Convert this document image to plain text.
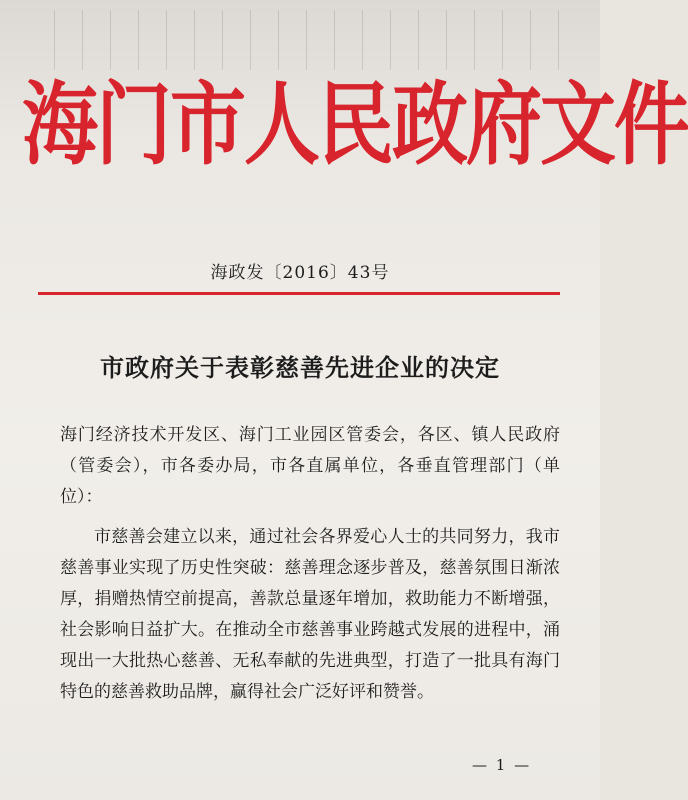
海门市人民政府文件
海政发〔2016〕43号
市政府关于表彰慈善先进企业的决定
海门经济技术开发区、海门工业园区管委会，各区、镇人民政府（管委会），市各委办局，市各直属单位，各垂直管理部门（单位）：
市慈善会建立以来，通过社会各界爱心人士的共同努力，我市慈善事业实现了历史性突破：慈善理念逐步普及，慈善氛围日渐浓厚，捐赠热情空前提高，善款总量逐年增加，救助能力不断增强，社会影响日益扩大。在推动全市慈善事业跨越式发展的进程中，涌现出一大批热心慈善、无私奉献的先进典型，打造了一批具有海门特色的慈善救助品牌，赢得社会广泛好评和赞誉。
— 1 —
